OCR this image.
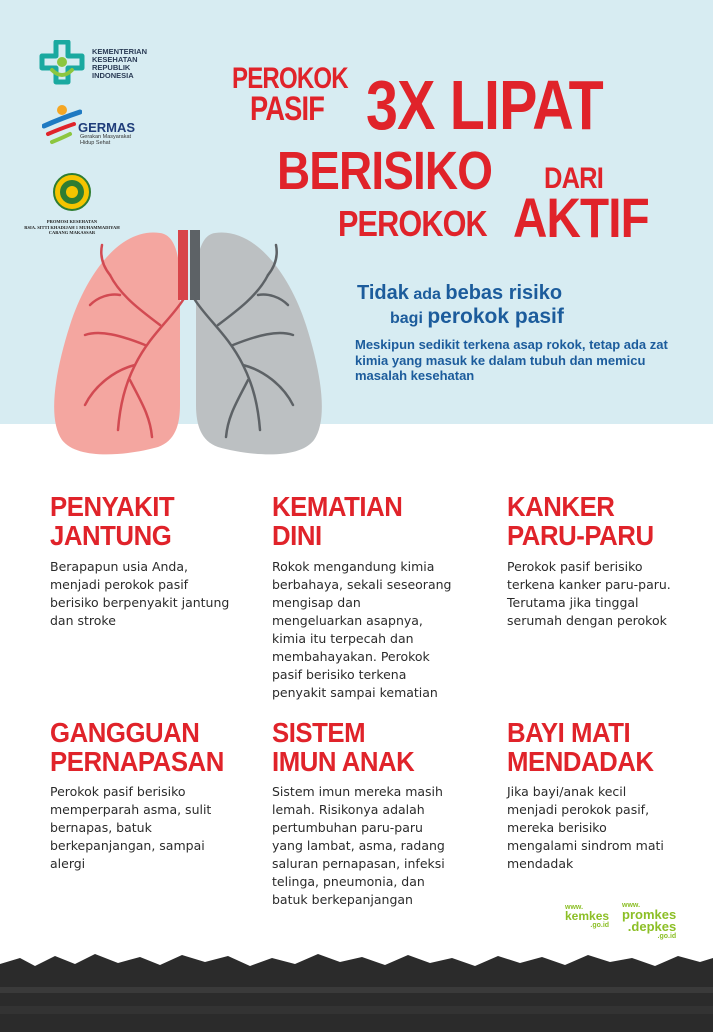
KEMENTERIAN
KESEHATAN
REPUBLIK
INDONESIA
GERMAS
Gerakan Masyarakat Hidup Sehat
PROMOSI KESEHATAN
RSIA. SITTI KHADIJAH 1 MUHAMMADIYAH
CABANG MAKASSAR
PEROKOK
PASIF 3X LIPAT
BERISIKO DARI
PEROKOK AKTIF
Tidak ada bebas risiko
bagi perokok pasif
Meskipun sedikit terkena asap rokok, tetap ada zat kimia yang masuk ke dalam tubuh dan memicu masalah kesehatan
PENYAKIT
JANTUNG
Berapapun usia Anda, menjadi perokok pasif berisiko berpenyakit jantung dan stroke
KEMATIAN
DINI
Rokok mengandung kimia berbahaya, sekali seseorang mengisap dan mengeluarkan asapnya, kimia itu terpecah dan membahayakan. Perokok pasif berisiko terkena penyakit sampai kematian
KANKER
PARU-PARU
Perokok pasif berisiko terkena kanker paru-paru. Terutama jika tinggal serumah dengan perokok
GANGGUAN
PERNAPASAN
Perokok pasif berisiko memperparah asma, sulit bernapas, batuk berkepanjangan, sampai alergi
SISTEM
IMUN ANAK
Sistem imun mereka masih lemah. Risikonya adalah pertumbuhan paru-paru yang lambat, asma, radang saluran pernapasan, infeksi telinga, pneumonia, dan batuk berkepanjangan
BAYI MATI
MENDADAK
Jika bayi/anak kecil menjadi perokok pasif, mereka berisiko mengalami sindrom mati mendadak
www.
kemkes
.go.id
www.
promkes
.depkes
.go.id
